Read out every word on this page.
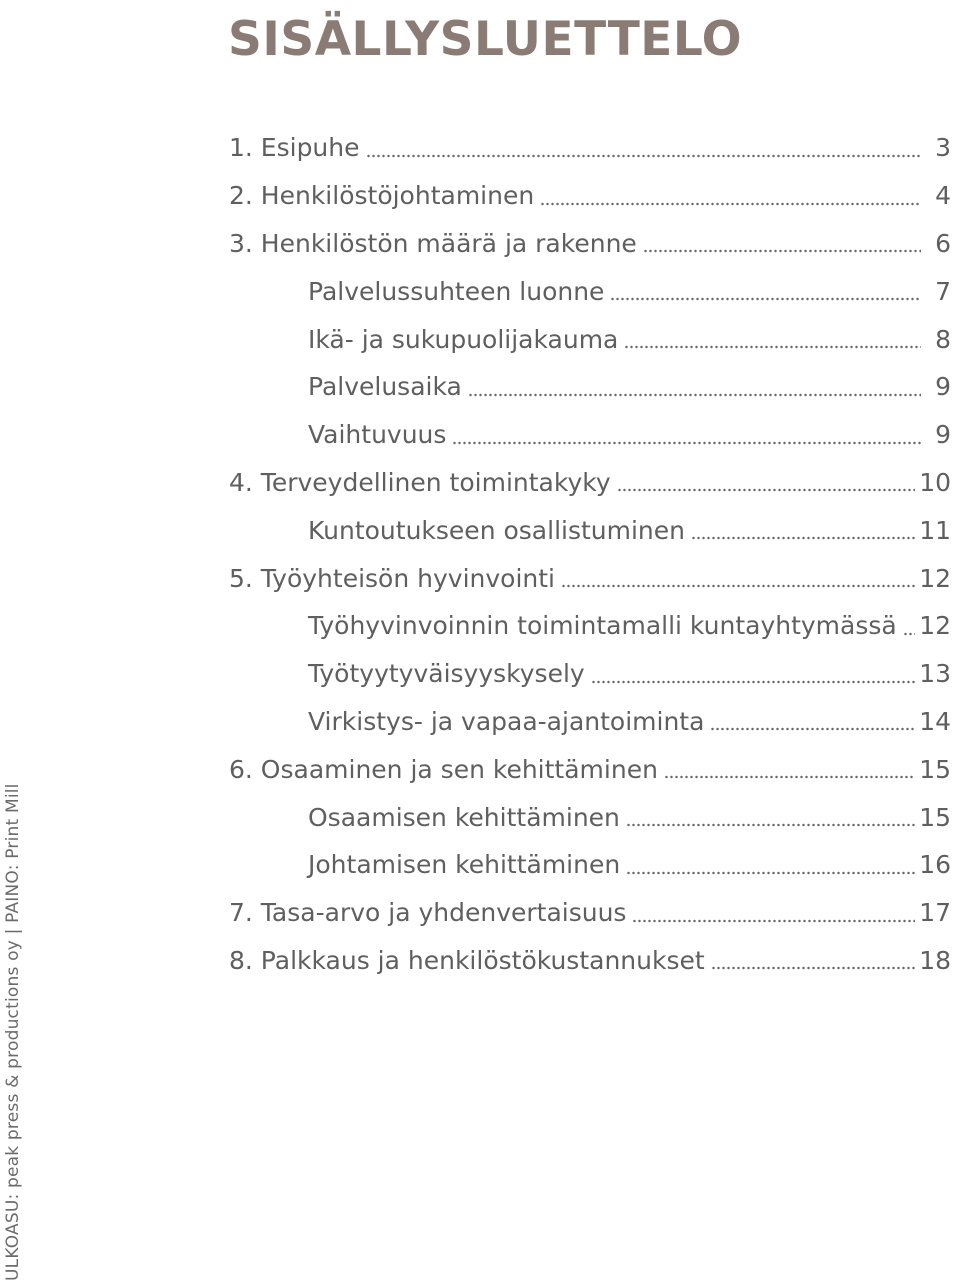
SISÄLLYSLUETTELO
1. Esipuhe	3
2. Henkilöstöjohtaminen	4
3. Henkilöstön määrä ja rakenne	6
Palvelussuhteen luonne	7
Ikä- ja sukupuolijakauma	8
Palvelusaika	9
Vaihtuvuus	9
4. Terveydellinen toimintakyky	10
Kuntoutukseen osallistuminen	11
5. Työyhteisön hyvinvointi	12
Työhyvinvoinnin toimintamalli kuntayhtymässä 12
Työtyytyväisyyskysely	13
Virkistys- ja vapaa-ajantoiminta	14
6. Osaaminen ja sen kehittäminen	15
Osaamisen kehittäminen	15
Johtamisen kehittäminen	16
7. Tasa-arvo ja yhdenvertaisuus	17
8. Palkkaus ja henkilöstökustannukset	18
ULKOASU: peak press & productions oy | PAINO: Print Mill
